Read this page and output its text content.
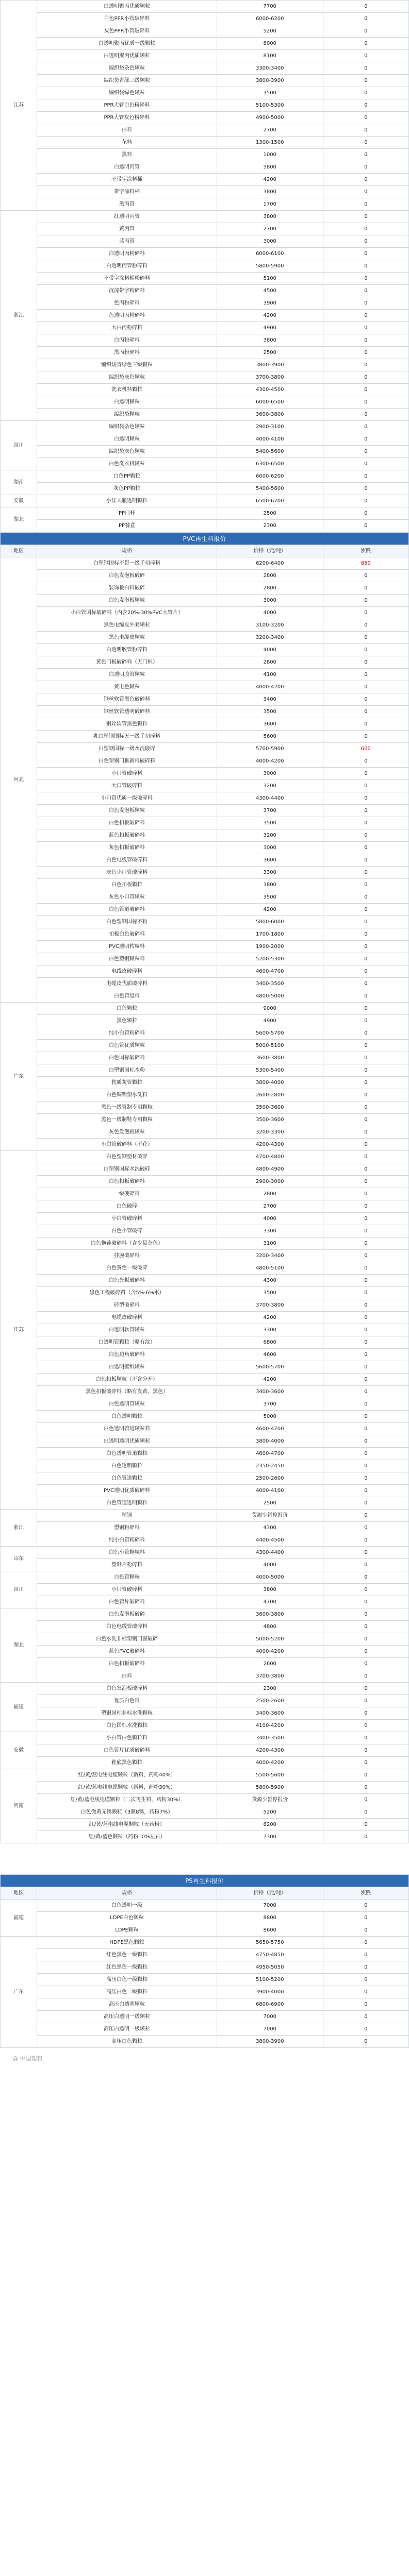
江苏	白透明聚丙优质颗粒	7700	0
	白色PPR小管破碎料	6000-6200	0
	灰色PPR小管破碎料	5200	0
	白透明聚丙优质一级颗粒	8000	0
	白透明聚丙优质颗粒	8100	0
	编织袋杂色颗粒	3300-3400	0
	编织袋青绿三级颗粒	3800-3900	0
	编织袋绿色颗粒	3500	0
	PPR大管白色粉碎料	5100-5300	0
	PPR大管灰色粉碎料	4900-5000	0
	白料	2700	0
	花料	1300-1500	0
	黑料	1000	0
	白透明丙管	5800	0
	不带字涂料桶	4200	0
	带字涂料桶	3800	0
	黑丙管	1700	0
浙江	红透明丙管	3800	0
	黄丙管	2700	0
	蓝丙管	3000	0
	白透明丙粉碎料	6000-6100	0
	白透明丙管粉碎料	5800-5900	0
	不带字涂料桶粉碎料	5100	0
	沉淀带字粉碎料	4500	0
	色丙粉碎料	3900	0
	色透明丙粉碎料	4200	0
	大白丙粉碎料	4900	0
	白丙粉碎料	3800	0
	黑丙粉碎料	2500	0
	编织袋青绿色三级颗粒	3800-3900	0
	编织袋灰色颗粒	3700-3800	0
	洗衣机料颗粒	4300-4500	0
	白透明颗粒	6000-6500	0
	编织袋颗粒	3600-3800	0
四川	编织袋杂色颗粒	2900-3100	0
	白透明颗粒	4000-4100	0
	编织袋灰色颗粒	5400-5600	0
	白色洗衣机颗粒	6300-6500	0
湖南	白色PP颗粒	6000-6200	0
	灰色PP颗粒	5400-5600	0
安徽	小洋人瓶透明颗粒	6500-6700	0
湖北	PP口杯	2500	0
	PP餐盒	2300	0
PVC再生料报价			
地区	规格	价格（元/吨）	涨跌
河北	白塑钢国标不带一级手切碎料	6200-6400	850
	白色发泡板破碎	2800	0
	装饰板白料破碎	2800	0
	白色发泡板颗粒	3000	0
	小白管国标破碎料（内含20%-30%PVC大管片）	4000	0
	黑色电缆皮外套颗粒	3100-3200	0
	黑色电缆皮颗粒	3200-3400	0
	白透明胶管粉碎料	4000	0
	黄色门板破碎料（无门框）	2800	0
	白透明胶管颗粒	4100	0
	黄电色颗粒	4000-4200	0
	钢丝软管黑色破碎料	3400	0
	钢丝软管透明破碎料	3500	0
	钢丝软管黑色颗粒	3600	0
	乳白塑钢国标无一级手切碎料	5600	0
	白塑钢国标一级水洗破碎	5700-5900	600
	白色塑钢门框新料破碎料	4000-4200	0
	小口管破碎料	3000	0
	大口管破碎料	3200	0
	小口管优质一级破碎料	4300-4400	0
	白色发泡板颗粒	3700	0
	白色扣板破碎料	3500	0
	蓝色扣板破碎料	3200	0
	灰色扣板破碎料	3000	0
	白色电线管破碎料	3600	0
	灰色小口管破碎料	3300	0
	白色扣板颗粒	3800	0
	灰色小口管颗粒	3500	0
	白色管道破碎料	4200	0
	白色塑钢国标不粉	5800-6000	0
	扣板白色破碎料	1700-1800	0
	PVC透明软粒料	1900-2000	0
	白色塑钢颗粒料	5200-5300	0
	电线皮破碎料	4600-4700	0
	电缆皮优质破碎料	3400-3500	0
	白色管道料	4800-5000	0
广东	白色颗粒	9000	0
	黑色颗粒	4900	0
	纯小白管粉碎料	5600-5700	0
	白色管优质颗粒	5000-5100	0
	白色国标破碎料	3600-3800	0
	白塑钢国标水粉	5300-5400	0
	软质灰管颗粒	3800-4000	0
	白色铜铝塑水洗料	2600-2800	0
	黑色一级管制专用颗粒	3500-3600	0
	黑色一级制鞋专用颗粒	3500-3600	0
	灰色发泡板颗粒	3200-3300	0
	小白管破碎料（不花）	4200-4300	0
江苏	白色塑钢型材破碎	4700-4800	0
	白塑钢国标水洗破碎	4800-4900	0
	白色扣板破碎料	2900-3000	0
	一级硬碎料	2800	0
	白色破碎	2700	0
	小白管破碎料	4000	0
	白色小管破碎	3300	0
	白色拖鞋破碎料（含少量杂色）	3100	0
	挂膜破碎料	3200-3400	0
	白色黄色一级破碎	4800-5100	0
	白色光板破碎料	4300	0
	黑色工程破碎料（含5%-6%水）	3500	0
	砖型破碎料	3700-3800	0
	电缆皮破碎料	4200	0
	白透明软管颗粒	3300	0
	白透明管颗粒（略有纹）	6800	0
	白色边角破碎料	4600	0
	白透明壁纸颗粒	5600-5700	0
	白色扣板颗粒（不含分开）	4200	0
	黑色扣板破碎料（略有发黄，黑色）	3400-3600	0
	白色透明管颗粒	3700	0
	白色透明颗粒	5000	0
	白色透明管道颗粒料	4600-4700	0
	白透明透明优质颗粒	3800-4000	0
	白色透明管道颗粒	4600-4700	0
	白色透明颗粒	2350-2450	0
	白色管道颗粒	2500-2600	0
	PVC透明优质破碎料	4000-4100	0
	白色管道透明颗粒	2500	0
浙江	塑钢	货源少暂停报价	0
	塑钢粉碎料	4300	0
	纯小白管粉碎料	4400-4500	0
山东	白色小管颗粒料	4300-4400	0
	塑钢片粉碎料	4000	0
四川	白色管颗粒	4000-5000	0
	小口管破碎料	3800	0
	白色管片破碎料	4700	0
湖北	白色发泡板破碎	3600-3800	0
	白色电线管破碎料	4800	0
	白色水洗非标塑钢门窗破碎	5000-5200	0
	蓝色PVC破碎料	4000-4200	0
	白色扣板破碎料	2600	0
	白料	3700-3800	0
福建	白色发泡板破碎料	2300	0
	优质白色料	2500-2600	0
	塑钢国标非标水洗颗粒	3400-3600	0
	白色国标水洗颗粒	4100-4200	0
安徽	小白管白色颗粒料	3400-3500	0
	白色管片优质破碎料	4200-4300	0
	鞋底黑色颗粒	4000-4200	0
河南	红/黄/蓝电线电缆颗粒（新料，药粉40%）	5500-5600	0
	红/黄/蓝电线电缆颗粒（新料，药粉30%）	5800-5900	0
	红/黄/蓝电线电缆颗粒（二次再生料，药粉30%）	货源少暂停报价	0
	白色微黄无锈颗粒（3颜8锈，药粉7%）	5200	0
	红/黄/蓝电线电缆颗粒（无药粉）	6200	0
	红/黄/蓝色颗粒（药粉10%左右）	7300	0
PS再生料报价			
地区	规格	价格（元/吨）	涨跌
福建	白色透明一级	7000	0
	LDPE白色颗粒	8800	0
	LDPE颗粒	8600	0
广东	HDPE黑色颗粒	5650-5750	0
	红色黑色一级颗粒	4750-4850	0
	红色黑色一级颗粒	4950-5050	0
	高压白色一级颗粒	5100-5200	0
	高压白色二级颗粒	3900-4000	0
	高压白透明颗粒	6800-6900	0
	高压白透明一级颗粒	7000	0
	高压白透明一级颗粒	7000	0
	高压白色颗粒	3800-3900	0
@ 中国塑料
